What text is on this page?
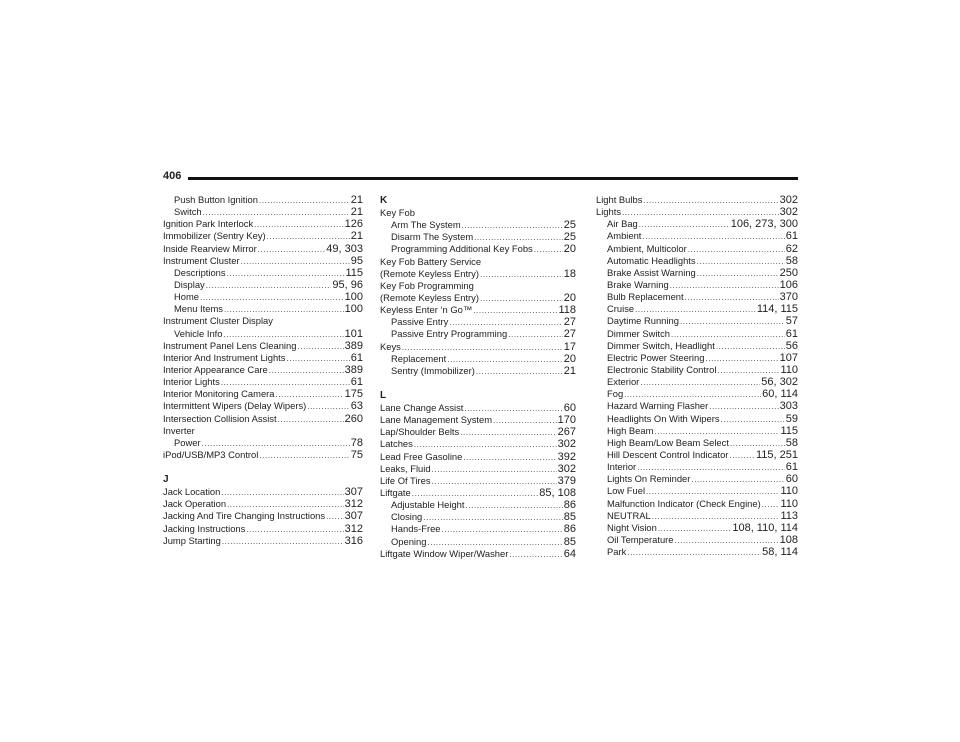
406
Push Button Ignition .....	21
Switch .....	21
Ignition Park Interlock .....	126
Immobilizer (Sentry Key) .....	21
Inside Rearview Mirror .....	49, 303
Instrument Cluster .....	95
Descriptions .....	115
Display .....	95, 96
Home .....	100
Menu Items .....	100
Instrument Cluster Display
Vehicle Info .....	101
Instrument Panel Lens Cleaning .....	389
Interior And Instrument Lights .....	61
Interior Appearance Care .....	389
Interior Lights .....	61
Interior Monitoring Camera .....	175
Intermittent Wipers (Delay Wipers) .....	63
Intersection Collision Assist .....	260
Inverter
Power .....	78
iPod/USB/MP3 Control .....	75
J
Jack Location .....	307
Jack Operation .....	312
Jacking And Tire Changing Instructions ..... 307
Jacking Instructions .....	312
Jump Starting .....	316
K
Key Fob
Arm The System .....	25
Disarm The System .....	25
Programming Additional Key Fobs .....	20
Key Fob Battery Service
(Remote Keyless Entry) .....	18
Key Fob Programming
(Remote Keyless Entry) .....	20
Keyless Enter ‘n Go™ .....	118
Passive Entry .....	27
Passive Entry Programming .....	27
Keys .....	17
Replacement .....	20
Sentry (Immobilizer) .....	21
L
Lane Change Assist .....	60
Lane Management System .....	170
Lap/Shoulder Belts .....	267
Latches .....	302
Lead Free Gasoline .....	392
Leaks, Fluid .....	302
Life Of Tires .....	379
Liftgate .....	85, 108
Adjustable Height .....	86
Closing .....	85
Hands-Free .....	86
Opening .....	85
Liftgate Window Wiper/Washer .....	64
Light Bulbs .....	302
Lights .....	302
Air Bag .....	106, 273, 300
Ambient .....	61
Ambient, Multicolor .....	62
Automatic Headlights .....	58
Brake Assist Warning .....	250
Brake Warning .....	106
Bulb Replacement .....	370
Cruise .....	114, 115
Daytime Running .....	57
Dimmer Switch .....	61
Dimmer Switch, Headlight .....	56
Electric Power Steering .....	107
Electronic Stability Control .....	110
Exterior .....	56, 302
Fog .....	60, 114
Hazard Warning Flasher .....	303
Headlights On With Wipers .....	59
High Beam .....	115
High Beam/Low Beam Select .....	58
Hill Descent Control Indicator .....	115, 251
Interior .....	61
Lights On Reminder .....	60
Low Fuel .....	110
Malfunction Indicator (Check Engine) ..... 110
NEUTRAL .....	113
Night Vision .....	108, 110, 114
Oil Temperature .....	108
Park .....	58, 114
